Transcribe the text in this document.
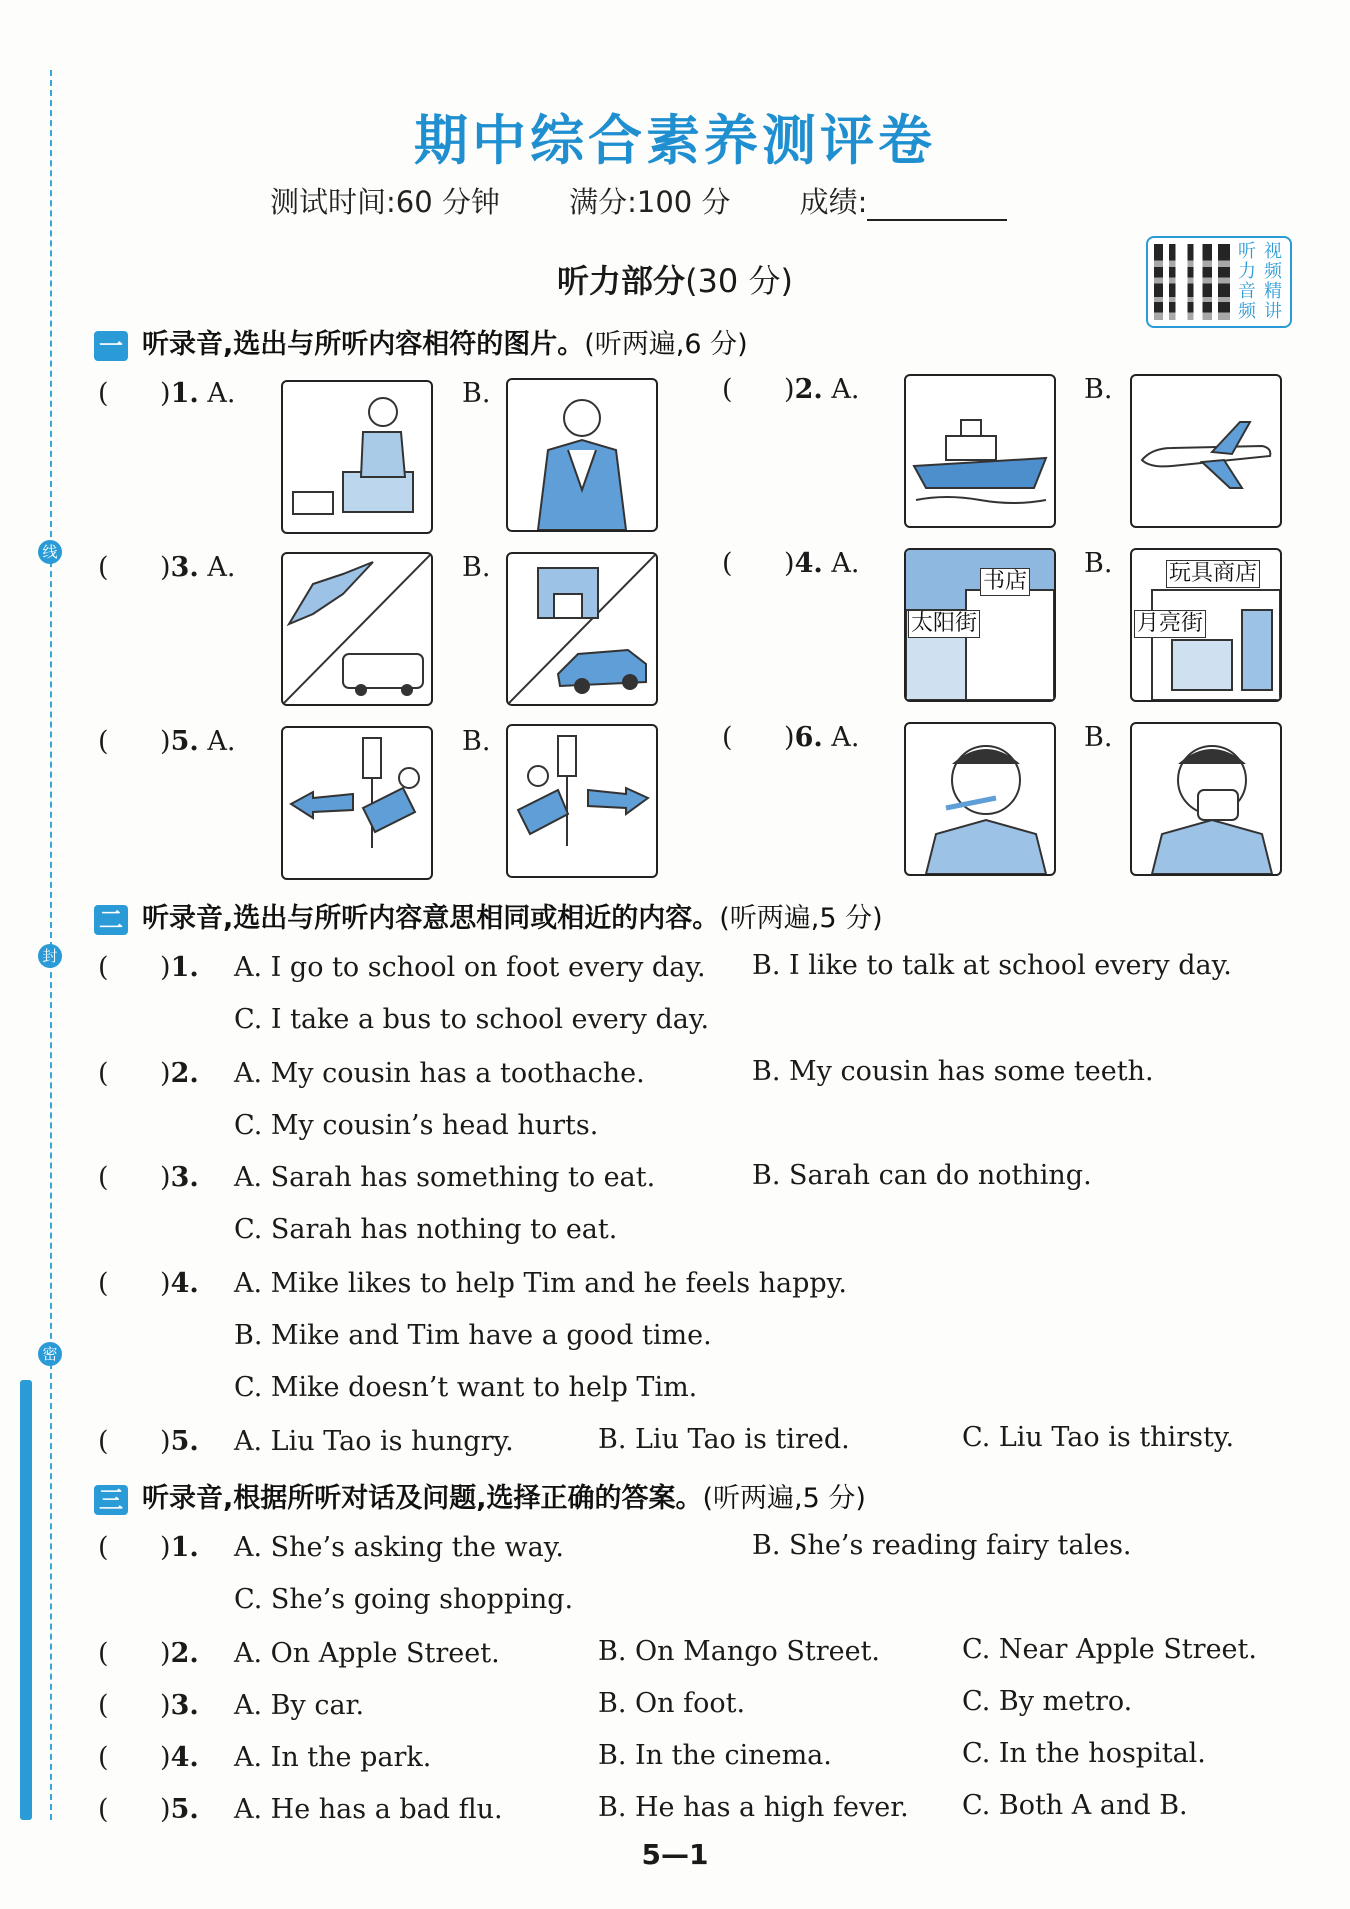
线
封
密
期中综合素养测评卷
测试时间:60 分钟 满分:100 分 成绩:
听 视
力 频
音 精
频 讲
听力部分(30 分)
一 听录音,选出与所听内容相符的图片。(听两遍,6 分)
(      )1. A.	B.	(      )2. A.	B.
(      )3. A.	B.	(      )4. A.
书店
太阳街
B.	玩具商店
月亮街
(      )5. A.	B.	(      )6. A.	B.
二 听录音,选出与所听内容意思相同或相近的内容。(听两遍,5 分)
(      )1. A. I go to school on foot every day. B. I like to talk at school every day.
C. I take a bus to school every day.
(      )2. A. My cousin has a toothache.	B. My cousin has some teeth.
C. My cousin’s head hurts.
(      )3. A. Sarah has something to eat.	B. Sarah can do nothing.
C. Sarah has nothing to eat.
(      )4. A. Mike likes to help Tim and he feels happy.
B. Mike and Tim have a good time.
C. Mike doesn’t want to help Tim.
(      )5. A. Liu Tao is hungry.	B. Liu Tao is tired.	C. Liu Tao is thirsty.
三 听录音,根据所听对话及问题,选择正确的答案。(听两遍,5 分)
(      )1. A. She’s asking the way.	B. She’s reading fairy tales.
C. She’s going shopping.
(      )2. A. On Apple Street.	B. On Mango Street.	C. Near Apple Street.
(      )3. A. By car.	B. On foot.	C. By metro.
(      )4. A. In the park.	B. In the cinema.	C. In the hospital.
(      )5. A. He has a bad flu.	B. He has a high fever. C. Both A and B.
5—1
